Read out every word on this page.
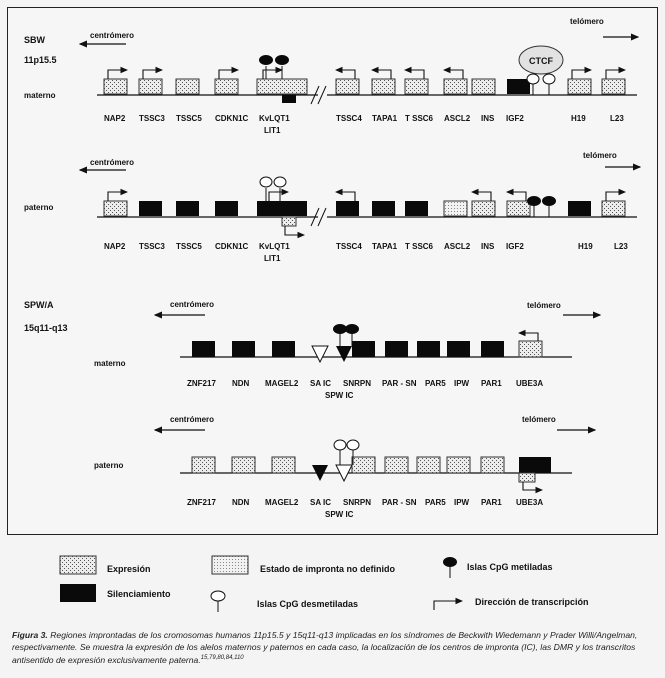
SBW
11p15.5
centrómero
telómero
materno
CTCF
NAP2 TSSC3 TSSC5 CDKN1C KvLQT1
LIT1
TSSC4 TAPA1 T SSC6 ASCL2 INS IGF2	H19	L23
centrómero
telómero
paterno
NAP2 TSSC3 TSSC5 CDKN1C KvLQT1
LIT1
TSSC4 TAPA1 T SSC6 ASCL2 INS IGF2	H19	L23
SPW/A
15q11-q13
centrómero	telómero
materno
ZNF217 NDN MAGEL2 SA IC SNRPN PAR - SN PAR5 IPW PAR1 UBE3A
SPW IC
centrómero	telómero
paterno
ZNF217 NDN MAGEL2 SA IC SNRPN PAR - SN PAR5 IPW PAR1 UBE3A
SPW IC
Expresión
Silenciamiento
Estado de impronta no definido
Islas CpG desmetiladas
Islas CpG metiladas
Dirección de transcripción
Figura 3. Regiones improntadas de los cromosomas humanos 11p15.5 y 15q11-q13 implicadas en los síndromes de Beckwith Wiedemann y Prader Willi/Angelman, respectivamente. Se muestra la expresión de los alelos maternos y paternos en cada caso, la localización de los centros de impronta (IC), las DMR y los transcritos antisentido de expresión exclusivamente paterna.$^{15,79,80,84,110}$
